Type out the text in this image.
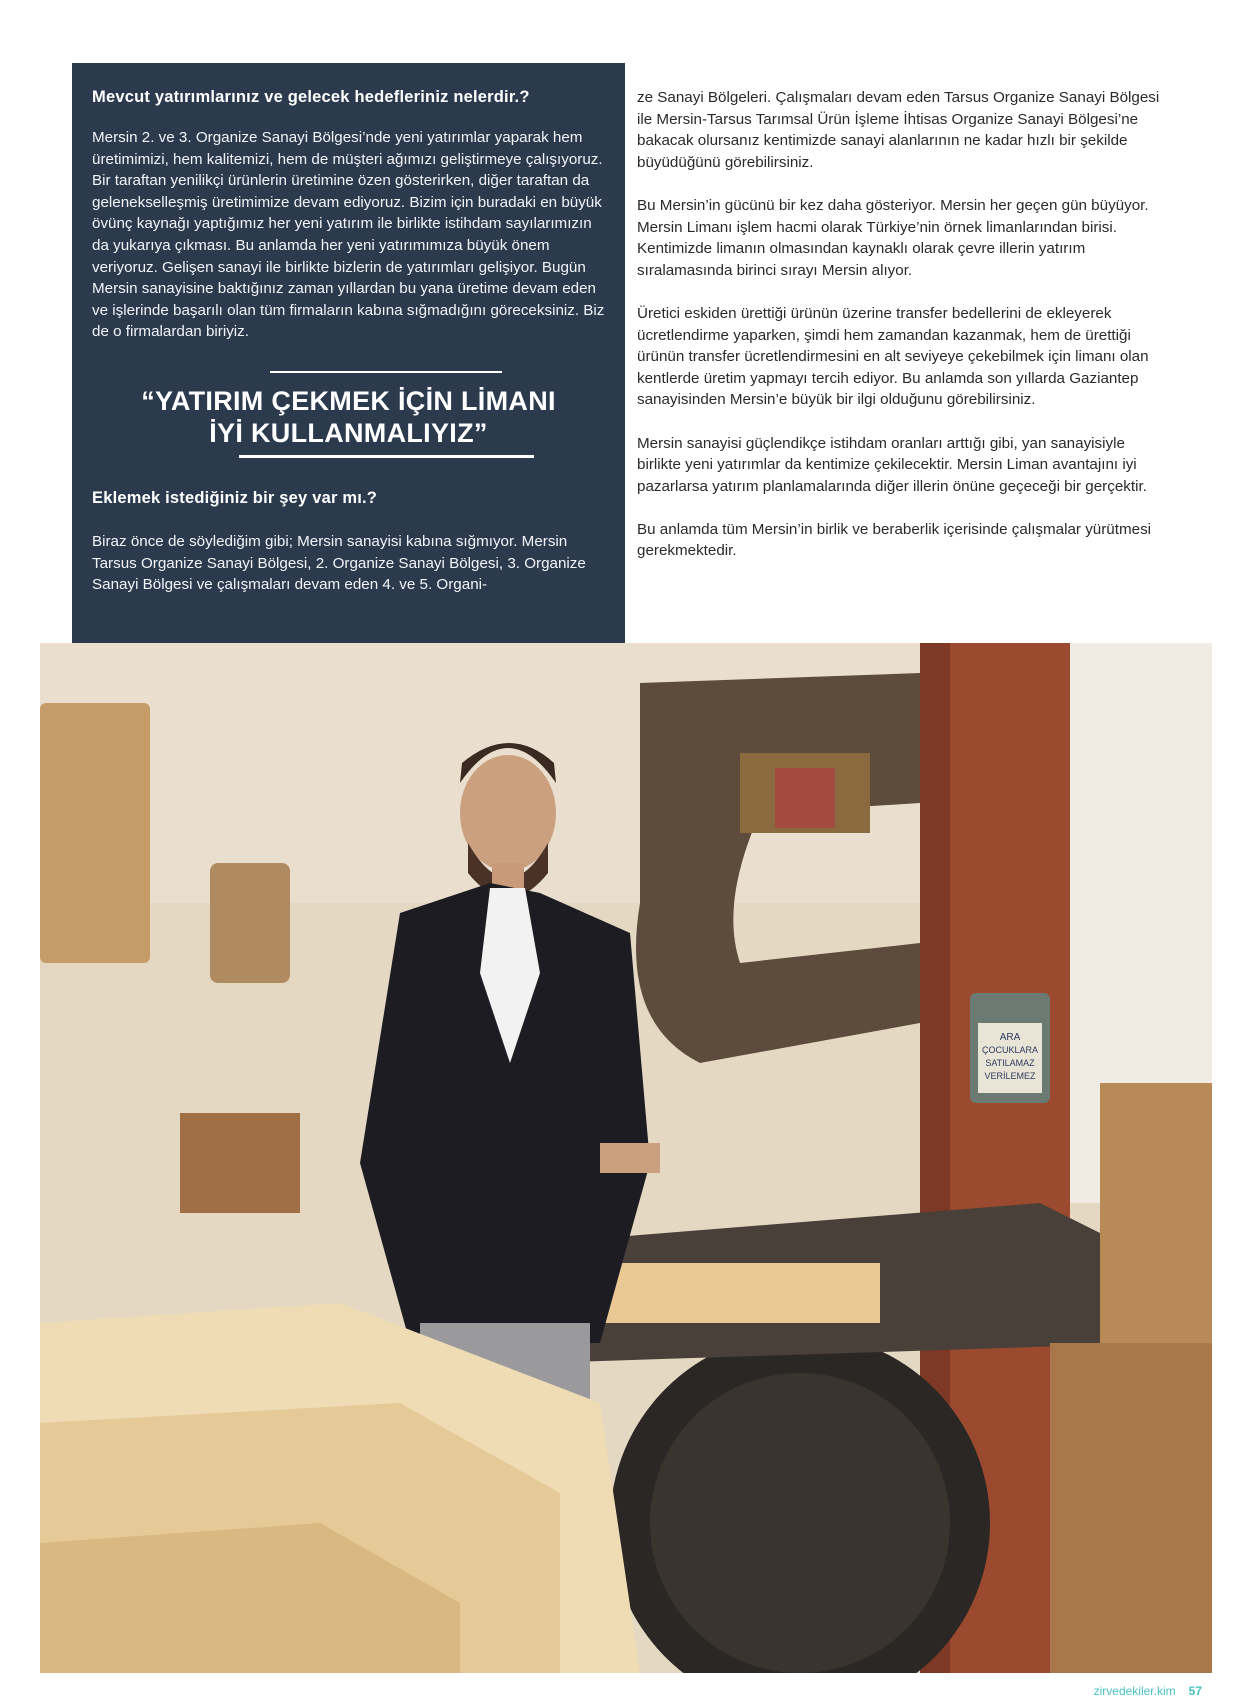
Mevcut yatırımlarınız ve gelecek hedefleriniz nelerdir.?

Mersin 2. ve 3. Organize Sanayi Bölgesi’nde yeni yatırımlar yaparak hem üretimimizi, hem kalitemizi, hem de müşteri ağımızı geliştirmeye çalışıyoruz. Bir taraftan yenilikçi ürünlerin üretimine özen gösterirken, diğer taraftan da gelenekselleşmiş üretimimize devam ediyoruz. Bizim için buradaki en büyük övünç kaynağı yaptığımız her yeni yatırım ile birlikte istihdam sayılarımızın da yukarıya çıkması. Bu anlamda her yeni yatırımımıza büyük önem veriyoruz. Gelişen sanayi ile birlikte bizlerin de yatırımları gelişiyor. Bugün Mersin sanayisine baktığınız zaman yıllardan bu yana üretime devam eden ve işlerinde başarılı olan tüm firmaların kabına sığmadığını göreceksiniz. Biz de o firmalardan biriyiz.

“YATIRIM ÇEKMEK İÇİN LİMANI
İYİ KULLANMALIYIZ”

Eklemek istediğiniz bir şey var mı.?

Biraz önce de söylediğim gibi; Mersin sanayisi kabına sığmıyor. Mersin Tarsus Organize Sanayi Bölgesi, 2. Organize Sanayi Bölgesi, 3. Organize Sanayi Bölgesi ve çalışmaları devam eden 4. ve 5. Organi-

ze Sanayi Bölgeleri. Çalışmaları devam eden Tarsus Organize Sanayi Bölgesi ile Mersin-Tarsus Tarımsal Ürün İşleme İhtisas Organize Sanayi Bölgesi’ne bakacak olursanız kentimizde sanayi alanlarının ne kadar hızlı bir şekilde büyüdüğünü görebilirsiniz.

Bu Mersin’in gücünü bir kez daha gösteriyor. Mersin her geçen gün büyüyor. Mersin Limanı işlem hacmi olarak Türkiye’nin örnek limanlarından birisi. Kentimizde limanın olmasından kaynaklı olarak çevre illerin yatırım sıralamasında birinci sırayı Mersin alıyor.

Üretici eskiden ürettiği ürünün üzerine transfer bedellerini de ekleyerek ücretlendirme yaparken, şimdi hem zamandan kazanmak, hem de ürettiği ürünün transfer ücretlendirmesini en alt seviyeye çekebilmek için limanı olan kentlerde üretim yapmayı tercih ediyor. Bu anlamda son yıllarda Gaziantep sanayisinden Mersin’e büyük bir ilgi olduğunu görebilirsiniz.

Mersin sanayisi güçlendikçe istihdam oranları arttığı gibi, yan sanayisiyle birlikte yeni yatırımlar da kentimize çekilecektir. Mersin Liman avantajını iyi pazarlarsa yatırım planlamalarında diğer illerin önüne geçeceği bir gerçektir.

Bu anlamda tüm Mersin’in birlik ve beraberlik içerisinde çalışmalar yürütmesi gerekmektedir.

ARA
ÇOCUKLARA
SATILAMAZ
VERİLEMEZ
zirvedekiler.kim 57
